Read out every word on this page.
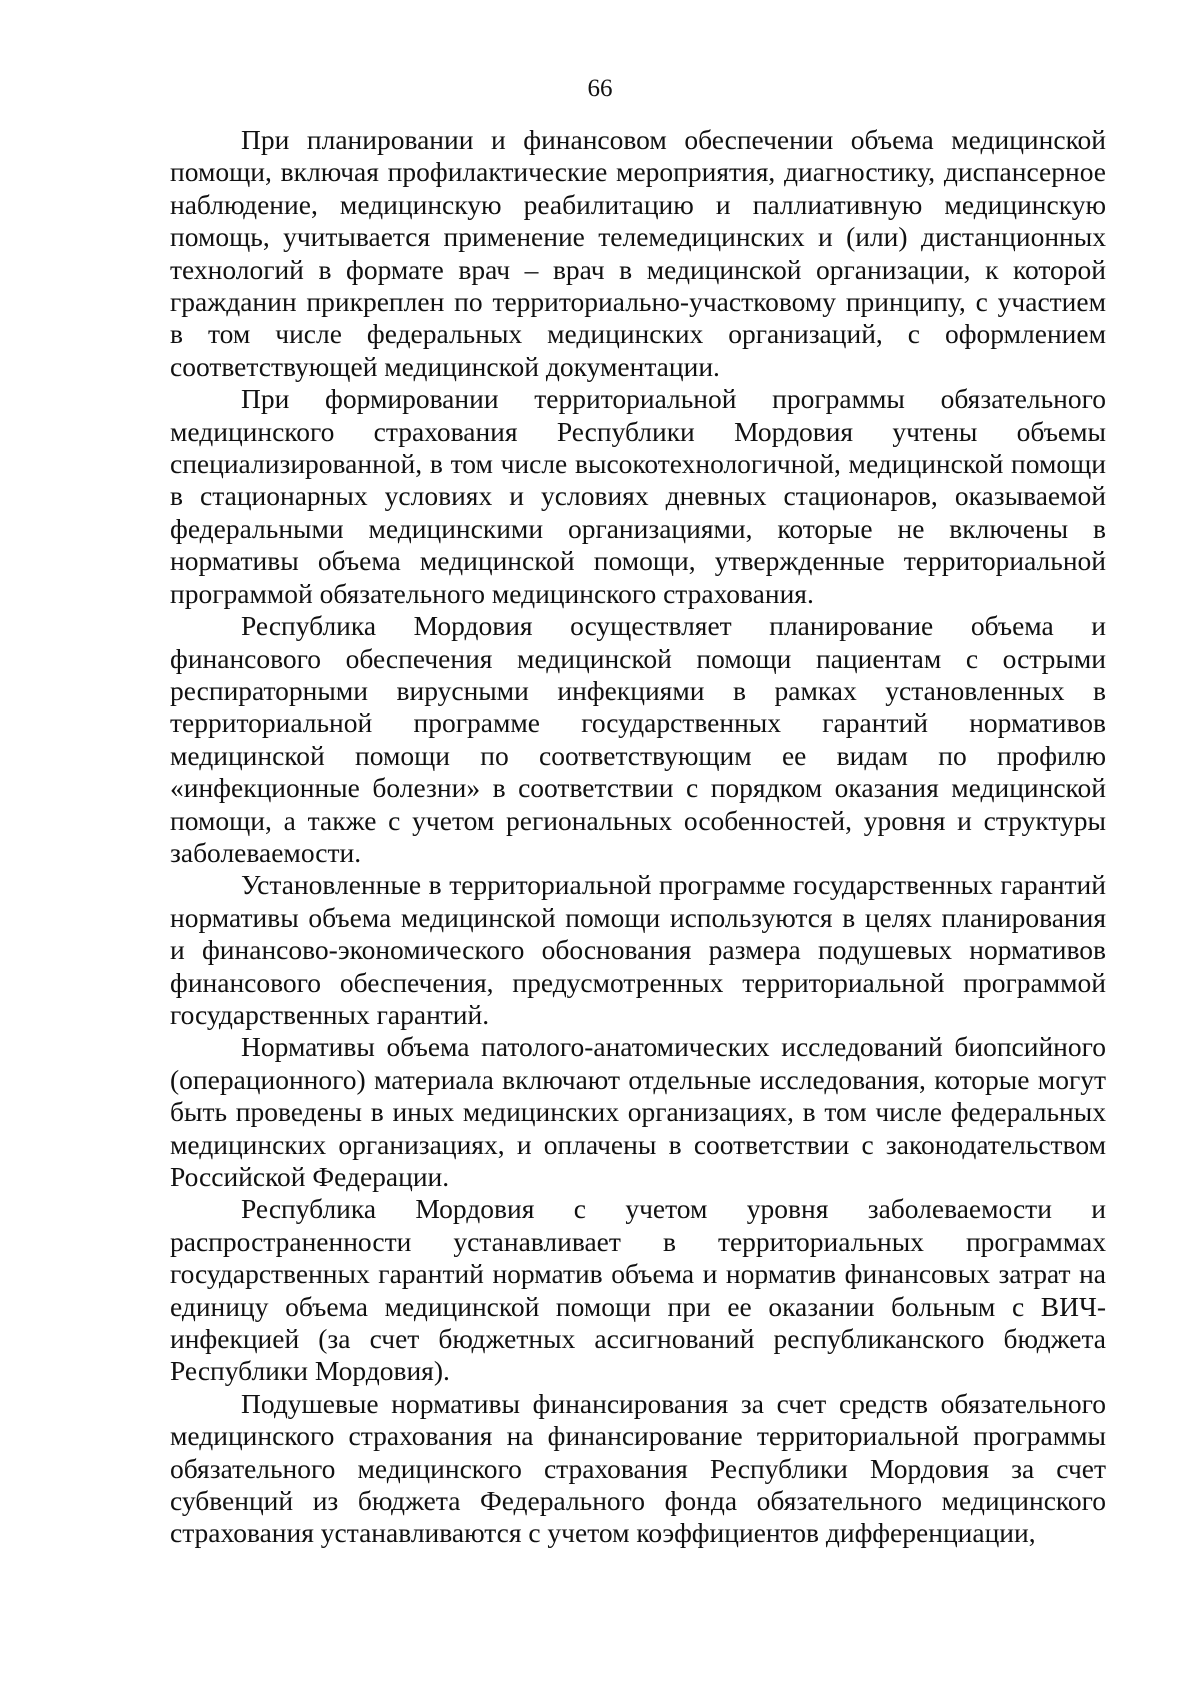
66

При планировании и финансовом обеспечении объема медицинской помощи, включая профилактические мероприятия, диагностику, диспансерное наблюдение, медицинскую реабилитацию и паллиативную медицинскую помощь, учитывается применение телемедицинских и (или) дистанционных технологий в формате врач – врач в медицинской организации, к которой гражданин прикреплен по территориально-участковому принципу, с участием в том числе федеральных медицинских организаций, с оформлением соответствующей медицинской документации.

При формировании территориальной программы обязательного медицинского страхования Республики Мордовия учтены объемы специализированной, в том числе высокотехнологичной, медицинской помощи в стационарных условиях и условиях дневных стационаров, оказываемой федеральными медицинскими организациями, которые не включены в нормативы объема медицинской помощи, утвержденные территориальной программой обязательного медицинского страхования.

Республика Мордовия осуществляет планирование объема и финансового обеспечения медицинской помощи пациентам с острыми респираторными вирусными инфекциями в рамках установленных в территориальной программе государственных гарантий нормативов медицинской помощи по соответствующим ее видам по профилю «инфекционные болезни» в соответствии с порядком оказания медицинской помощи, а также с учетом региональных особенностей, уровня и структуры заболеваемости.

Установленные в территориальной программе государственных гарантий нормативы объема медицинской помощи используются в целях планирования и финансово-экономического обоснования размера подушевых нормативов финансового обеспечения, предусмотренных территориальной программой государственных гарантий.

Нормативы объема патолого-анатомических исследований биопсийного (операционного) материала включают отдельные исследования, которые могут быть проведены в иных медицинских организациях, в том числе федеральных медицинских организациях, и оплачены в соответствии с законодательством Российской Федерации.

Республика Мордовия с учетом уровня заболеваемости и распространенности устанавливает в территориальных программах государственных гарантий норматив объема и норматив финансовых затрат на единицу объема медицинской помощи при ее оказании больным с ВИЧ-инфекцией (за счет бюджетных ассигнований республиканского бюджета Республики Мордовия).

Подушевые нормативы финансирования за счет средств обязательного медицинского страхования на финансирование территориальной программы обязательного медицинского страхования Республики Мордовия за счет субвенций из бюджета Федерального фонда обязательного медицинского страхования устанавливаются с учетом коэффициентов дифференциации,
